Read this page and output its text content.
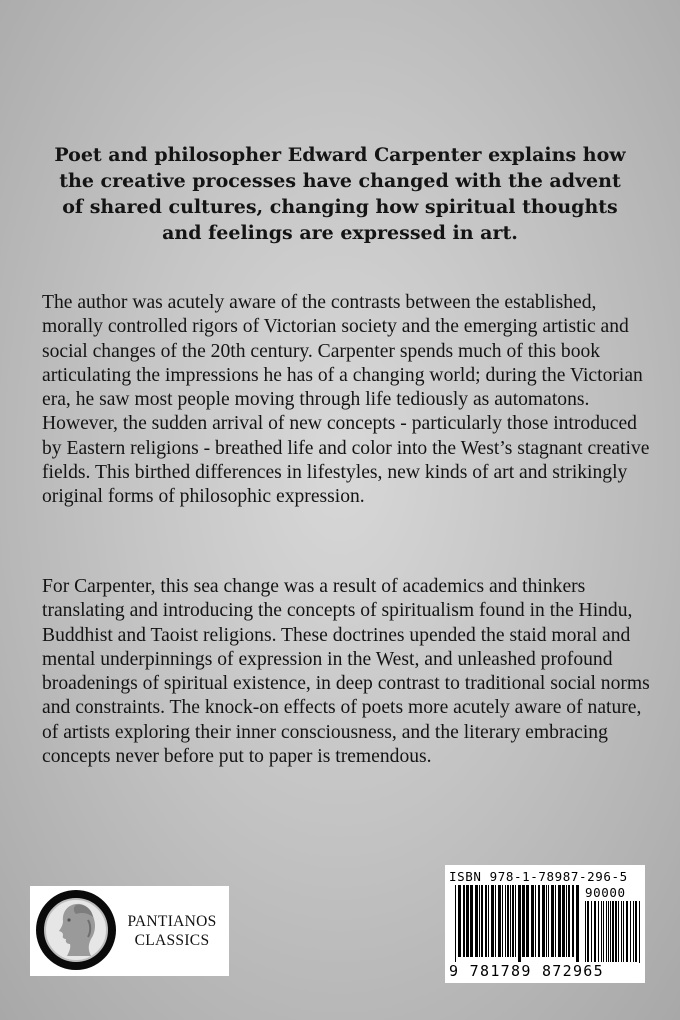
Poet and philosopher Edward Carpenter explains how the creative processes have changed with the advent of shared cultures, changing how spiritual thoughts and feelings are expressed in art.
The author was acutely aware of the contrasts between the established, morally controlled rigors of Victorian society and the emerging artistic and social changes of the 20th century. Carpenter spends much of this book articulating the impressions he has of a changing world; during the Victorian era, he saw most people moving through life tediously as automatons. However, the sudden arrival of new concepts - particularly those introduced by Eastern religions - breathed life and color into the West’s stagnant creative fields. This birthed differences in lifestyles, new kinds of art and strikingly original forms of philosophic expression.
For Carpenter, this sea change was a result of academics and thinkers translating and introducing the concepts of spiritualism found in the Hindu, Buddhist and Taoist religions. These doctrines upended the staid moral and mental underpinnings of expression in the West, and unleashed profound broadenings of spiritual existence, in deep contrast to traditional social norms and constraints. The knock-on effects of poets more acutely aware of nature, of artists exploring their inner consciousness, and the literary embracing concepts never before put to paper is tremendous.
PANTIANOS
CLASSICS
ISBN 978-1-78987-296-5
90000
9 781789 872965
